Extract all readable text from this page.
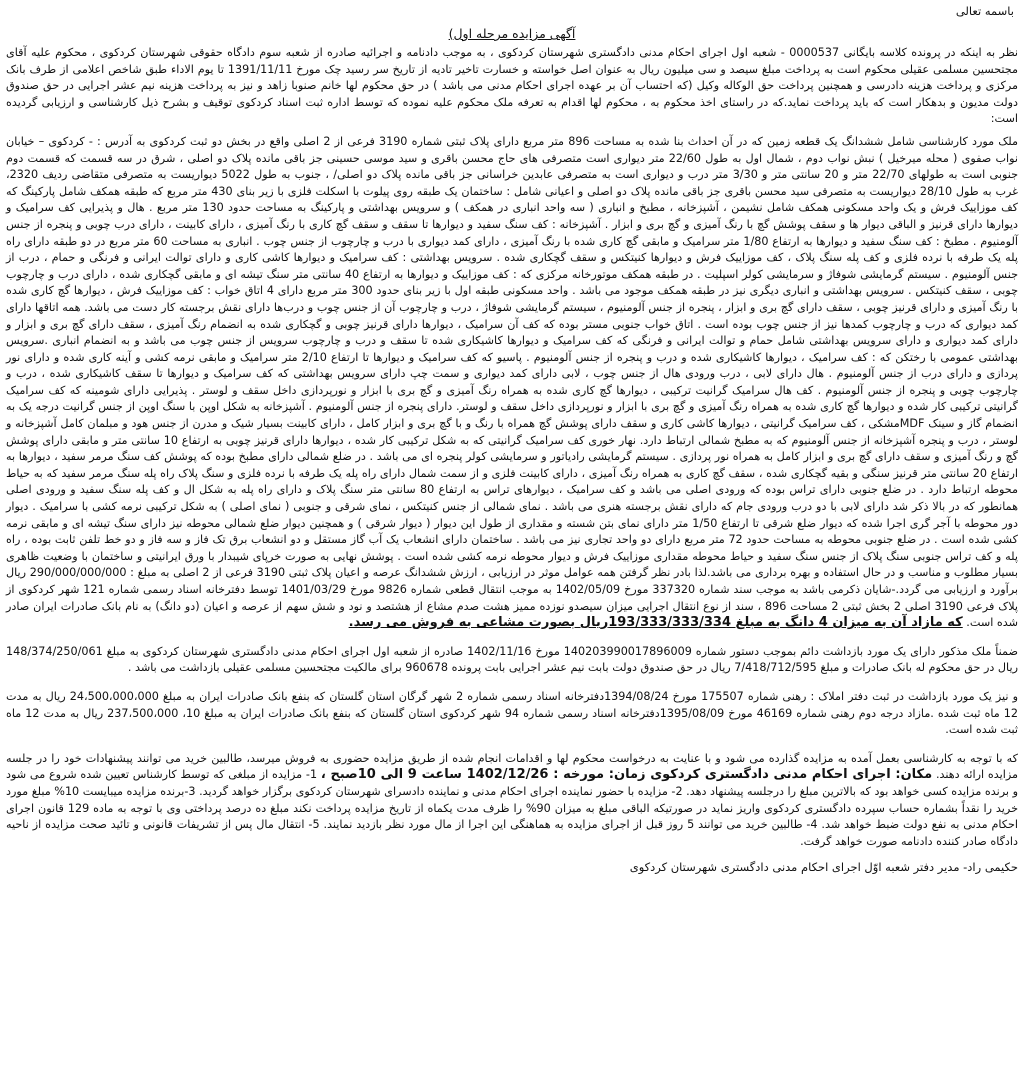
باسمه تعالی
آگهی مزایده مرحله اول)

نظر به اینکه در پرونده کلاسه بایگانی 0000537 - شعبه اول اجرای احکام مدنی دادگستری شهرستان کردکوی ، به موجب دادنامه و اجرائیه صادره از شعبه سوم دادگاه حقوقی شهرستان کردکوی ، محکوم علیه آقای مجتحسین مسلمی عقیلی محکوم است به پرداخت مبلغ سیصد و سی میلیون ریال به عنوان اصل خواسته و خسارت تاخیر تادیه از تاریخ سر رسید چک مورخ 1391/11/11 تا یوم الاداء طبق شاخص اعلامی از طرف بانک مرکزی و پرداخت هزینه دادرسی و همچنین پرداخت حق الوکاله وکیل (که احتساب آن بر عهده اجرای احکام مدنی می باشد ) در حق محکوم لها خانم صنوبا زاهد و نیز به پرداخت هزینه نیم عشر اجرایی در حق صندوق دولت مدیون و بدهکار است که باید پرداخت نماید.که در راستای اخذ محکوم به ، محکوم لها اقدام به تعرفه ملک محکوم علیه نموده که توسط اداره ثبت اسناد کردکوی توقیف و بشرح ذیل کارشناسی و ارزیابی گردیده است:

ملک مورد کارشناسی شامل ششدانگ یک قطعه زمین که در آن احداث بنا شده به مساحت 896 متر مربع دارای پلاک ثبتی شماره 3190 فرعی از 2 اصلی واقع در بخش دو ثبت کردکوی به آدرس : - کردکوی – خیابان نواب صفوی ( محله میرخیل ) نبش نواب دوم ، شمال اول به طول 22/60 متر دیواری است متصرفی های حاج محسن باقری و سید موسی حسینی جز باقی مانده پلاک دو اصلی ، شرق در سه قسمت که قسمت دوم جنوبی است به طولهای 22/70 متر و 20 سانتی متر و 3/30 متر درب و دیواری است به متصرفی عابدین خراسانی جز باقی مانده پلاک دو اصلی/ ، جنوب به طول 5022 دیواریست به متصرفی متقاضی ردیف 2320، غرب به طول 28/10 دیواریست به متصرفی سید محسن باقری جز باقی مانده پلاک دو اصلی و اعیانی شامل : ساختمان یک طبقه روی پیلوت با اسکلت فلزی با زیر بنای 430 متر مربع که طبقه همکف شامل پارکینگ که کف موزاییک فرش و یک واحد مسکونی همکف شامل نشیمن ، آشپزخانه ، مطبخ و انباری ( سه واحد انباری در همکف ) و سرویس بهداشتی و پارکینگ به مساحت حدود 130 متر مربع . هال و پذیرایی کف سرامیک و دیوارها دارای قرنیز و الباقی دیوار ها و سقف پوشش گچ با رنگ آمیزی و گچ بری و ابزار . آشپزخانه : کف سنگ سفید و دیوارها تا سقف و سقف گچ کاری با رنگ آمیزی ، دارای کابینت ، دارای درب چوبی و پنجره از جنس آلومنیوم . مطبخ : کف سنگ سفید و دیوارها به ارتفاع 1/80 متر سرامیک و مابقی گچ کاری شده با رنگ آمیزی ، دارای کمد دیواری با درب و چارچوب از جنس چوب . انباری به مساحت 60 متر مربع در دو طبقه دارای راه پله یک طرفه با نرده فلزی و کف پله سنگ پلاک ، کف موزاییک فرش و دیوارها کنیتکس و سقف گچکاری شده . سرویس بهداشتی : کف سرامیک و دیوارها کاشی کاری و دارای توالت ایرانی و فرنگی و حمام ، درب از جنس آلومنیوم . سیستم گرمایشی شوفاژ و سرمایشی کولر اسپلیت . در طبقه همکف موتورخانه مرکزی که : کف موزاییک و دیوارها به ارتفاع 40 سانتی متر سنگ تیشه ای و مابقی گچکاری شده ، دارای درب و چارچوب چوبی ، سقف کنیتکس . سرویس بهداشتی و انباری دیگری نیز در طبقه همکف موجود می باشد . واحد مسکونی طبقه اول با زیر بنای حدود 300 متر مربع دارای 4 اتاق خواب : کف موزاییک فرش ، دیوارها گچ کاری شده با رنگ آمیزی و دارای قرنیز چوبی ، سقف دارای گچ بری و ابزار ، پنجره از جنس آلومنیوم ، سیستم گرمایشی شوفاژ ، درب و چارچوب آن از جنس چوب و درب‌ها دارای نقش برجسته کار دست می باشد. همه اتاقها دارای کمد دیواری که درب و چارچوب کمدها نیز از جنس چوب بوده است . اتاق خواب جنوبی مستر بوده که کف آن سرامیک ، دیوارها دارای قرنیز چوبی و گچکاری شده به انضمام رنگ آمیزی ، سقف دارای گچ بری و ابزار و دارای کمد دیواری و دارای سرویس بهداشتی شامل حمام و توالت ایرانی و فرنگی که کف سرامیک و دیوارها کاشیکاری شده تا سقف و درب و چارچوب سرویس از جنس چوب می باشد و به انضمام انباری .سرویس بهداشتی عمومی با رختکن که : کف سرامیک ، دیوارها کاشیکاری شده و درب و پنجره از جنس آلومنیوم . پاسیو که کف سرامیک و دیوارها تا ارتفاع 2/10 متر سرامیک و مابقی نرمه کشی و آینه کاری شده و دارای نور پردازی و دارای درب از جنس آلومنیوم . هال دارای لابی ، درب ورودی هال از جنس چوب ، لابی دارای کمد دیواری و سمت چپ دارای سرویس بهداشتی که کف سرامیک و دیوارها تا سقف کاشیکاری شده ، درب و چارچوب چوبی و پنجره از جنس آلومنیوم . کف هال سرامیک گرانیت ترکیبی ، دیوارها گچ کاری شده به همراه رنگ آمیزی و گچ بری با ابزار و نورپردازی داخل سقف و لوستر . پذیرایی دارای شومینه که کف سرامیک گرانیتی ترکیبی کار شده و دیوارها گچ کاری شده به همراه رنگ آمیزی و گچ بری با ابزار و نورپردازی داخل سقف و لوستر. دارای پنجره از جنس آلومنیوم . آشپزخانه به شکل اوپن با سنگ اوپن از جنس گرانیت درجه یک به انضمام گاز و سینک MDFمشکی ، کف سرامیک گرانیتی ، دیوارها کاشی کاری و سقف دارای پوشش گچ همراه با رنگ و با گچ بری و ابزار کامل ، دارای کابینت بسیار شیک و مدرن از جنس هود و مبلمان کامل آشپزخانه و لوستر ، درب و پنجره آشپزخانه از جنس آلومنیوم که به مطبخ شمالی ارتباط دارد. نهار خوری کف سرامیک گرانیتی که به شکل ترکیبی کار شده ، دیوارها دارای قرنیز چوبی به ارتفاع 10 سانتی متر و مابقی دارای پوشش گچ و رنگ آمیزی و سقف دارای گچ بری و ابزار کامل به همراه نور پردازی . سیستم گرمایشی رادیاتور و سرمایشی کولر پنجره ای می باشد . در ضلع شمالی دارای مطبخ بوده که پوشش کف سنگ مرمر سفید ، دیوارها به ارتفاع 20 سانتی متر قرنیز سنگی و بقیه گچکاری شده ، سقف گچ کاری به همراه رنگ آمیزی ، دارای کابینت فلزی و از سمت شمال دارای راه پله یک طرفه با نرده فلزی و سنگ پلاک راه پله سنگ مرمر سفید که به حیاط محوطه ارتباط دارد . در ضلع جنوبی دارای تراس بوده که ورودی اصلی می باشد و کف سرامیک ، دیوارهای تراس به ارتفاع 80 سانتی متر سنگ پلاک و دارای راه پله به شکل ال و کف پله سنگ سفید و ورودی اصلی همانطور که در بالا ذکر شد دارای لابی با دو درب ورودی جام که دارای نقش برجسته هنری می باشد . نمای شمالی از جنس کنیتکس ، نمای شرقی و جنوبی ( نمای اصلی ) به شکل ترکیبی نرمه کشی با سرامیک . دیوار دور محوطه با آجر گری اجرا شده که دیوار ضلع شرقی تا ارتفاع 1/50 متر دارای نمای بتن شسته و مقداری از طول این دیوار ( دیوار شرقی ) و همچنین دیوار ضلع شمالی محوطه نیز دارای سنگ تیشه ای و مابقی نرمه کشی شده است . در ضلع جنوبی محوطه به مساحت حدود 72 متر مربع دارای دو واحد تجاری نیز می باشد . ساختمان دارای انشعاب یک آب گاز مستقل و دو انشعاب برق تک فاز و سه فاز و دو خط تلفن ثابت بوده ، راه پله و کف تراس جنوبی سنگ پلاک از جنس سنگ سفید و حیاط محوطه مقداری موزاییک فرش و دیوار محوطه نرمه کشی شده است . پوشش نهایی به صورت خرپای شیبدار با ورق ایرانیتی و ساختمان با وضعیت ظاهری بسیار مطلوب و مناسب و در حال استفاده و بهره برداری می باشد.لذا بادر نظر گرفتن همه عوامل موثر در ارزیابی ، ارزش ششدانگ عرصه و اعیان پلاک ثبتی 3190 فرعی از 2 اصلی به مبلغ : 290/000/000/000 ریال برآورد و ارزیابی می گردد.-شایان ذکرمی باشد به موجب سند شماره 337320 مورخ 1402/05/09 به موجب انتقال قطعی شماره 9826 مورخ 1401/03/29 توسط دفترخانه اسناد رسمی شماره 121 شهر کردکوی از پلاک فرعی 3190 اصلی 2 بخش ثبتی 2 مساحت 896 ، سند از نوع انتقال اجرایی میزان سیصدو نوزده ممیز هشت صدم مشاع از هشتصد و نود و شش سهم از عرصه و اعیان (دو دانگ) به نام بانک صادرات ایران صادر شده است. که مازاد آن به میزان 4 دانگ به مبلغ 193/333/333/334ریال بصورت مشاعی به فروش می رسد.

ضمناً ملک مذکور دارای یک مورد بازداشت دائم بموجب دستور شماره 140203990017896009 مورخ 1402/11/16 صادره از شعبه اول اجرای احکام مدنی دادگستری شهرستان کردکوی به مبلغ 148/374/250/061 ریال در حق محکوم له بانک صادرات و مبلغ 7/418/712/595 ریال در حق صندوق دولت بابت نیم عشر اجرایی بابت پرونده 960678 برای مالکیت مجتحسین مسلمی عقیلی بازداشت می باشد .

و نیز یک مورد بازداشت در ثبت دفتر املاک : رهنی شماره 175507 مورخ 1394/08/24دفترخانه اسناد رسمی شماره 2 شهر گرگان استان گلستان که بنفع بانک صادرات ایران به مبلغ 24،500،000،000 ریال به مدت 12 ماه ثبت شده .مازاد درجه دوم رهنی شماره 46169 مورخ 1395/08/09دفترخانه اسناد رسمی شماره 94 شهر کردکوی استان گلستان که بنفع بانک صادرات ایران به مبلغ 10، 237،500،000 ریال به مدت 12 ماه ثبت شده است.

که با توجه به کارشناسی بعمل آمده به مزایده گذارده می شود و با عنایت به درخواست محکوم لها و اقدامات انجام شده از طریق مزایده حضوری به فروش میرسد، طالبین خرید می توانند پیشنهادات خود را در جلسه مزایده ارائه دهند. مکان: اجرای احکام مدنی دادگستری کردکوی زمان: مورخه : 1402/12/26 ساعت 9 الی 10صبح ، 1- مزایده از مبلغی که توسط کارشناس تعیین شده شروع می شود و برنده مزایده کسی خواهد بود که بالاترین مبلغ را درجلسه پیشنهاد دهد. 2- مزایده با حضور نماینده اجرای احکام مدنی و نماینده دادسرای شهرستان کردکوی برگزار خواهد گردید. 3-برنده مزایده میبایست 10% مبلغ مورد خرید را نقداً بشماره حساب سپرده دادگستری کردکوی واریز نماید در صورتیکه الباقی مبلغ به میزان 90% را ظرف مدت یکماه از تاریخ مزایده پرداخت نکند مبلغ ده درصد پرداختی وی با توجه به ماده 129 قانون اجرای احکام مدنی به نفع دولت ضبط خواهد شد. 4- طالبین خرید می توانند 5 روز قبل از اجرای مزایده به هماهنگی این اجرا از مال مورد نظر بازدید نمایند. 5- انتقال مال پس از تشریفات قانونی و تائید صحت مزایده از ناحیه دادگاه صادر کننده دادنامه صورت خواهد گرفت.

حکیمی راد- مدیر دفتر شعبه اوّل اجرای احکام مدنی دادگستری شهرستان کردکوی
